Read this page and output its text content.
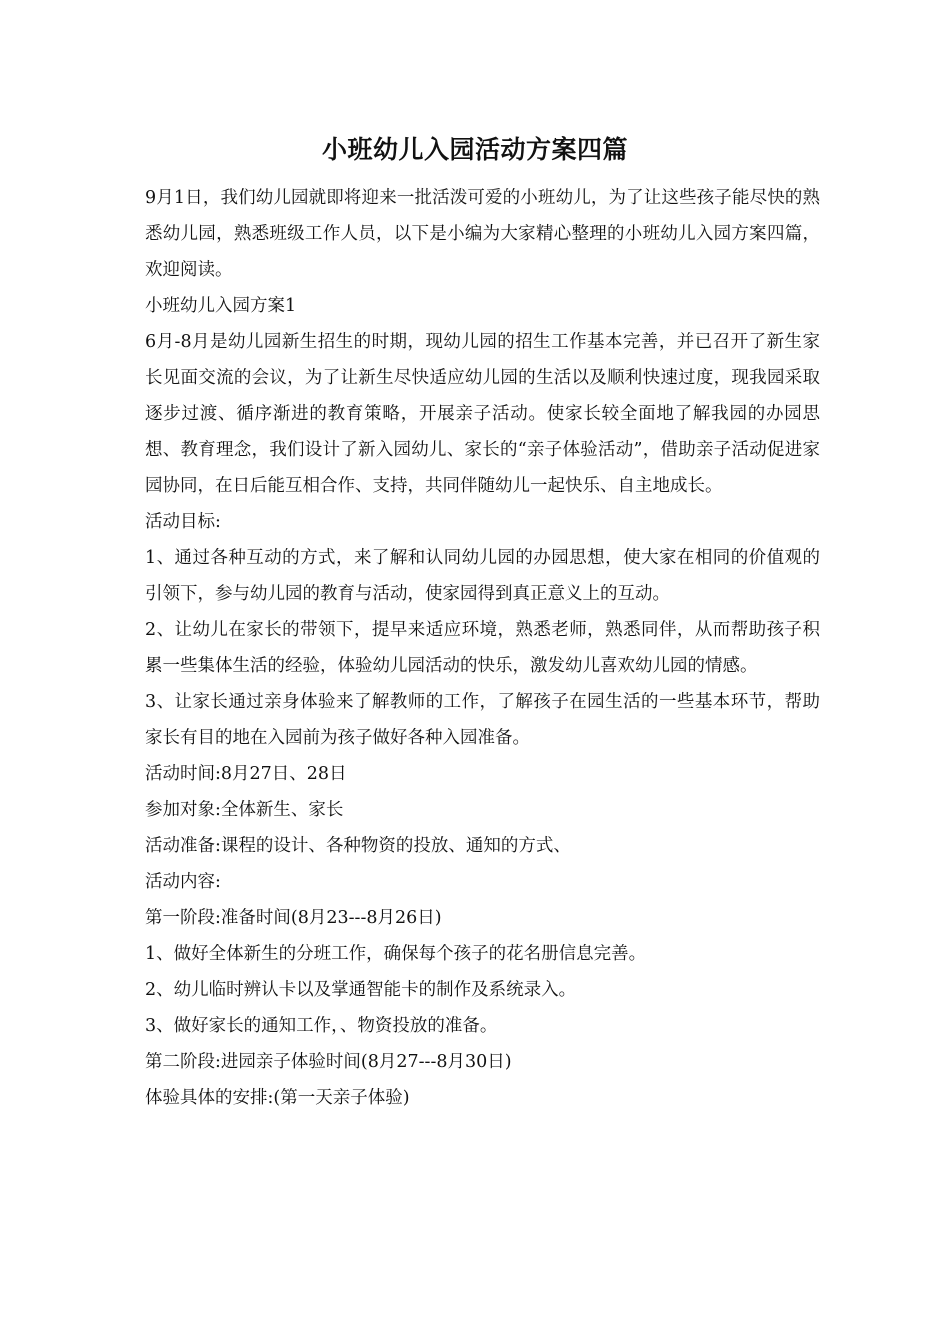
小班幼儿入园活动方案四篇

9月1日，我们幼儿园就即将迎来一批活泼可爱的小班幼儿，为了让这些孩子能尽快的熟悉幼儿园，熟悉班级工作人员，以下是小编为大家精心整理的小班幼儿入园方案四篇，欢迎阅读。

小班幼儿入园方案1

6月-8月是幼儿园新生招生的时期，现幼儿园的招生工作基本完善，并已召开了新生家长见面交流的会议，为了让新生尽快适应幼儿园的生活以及顺利快速过度，现我园采取逐步过渡、循序渐进的教育策略，开展亲子活动。使家长较全面地了解我园的办园思想、教育理念，我们设计了新入园幼儿、家长的“亲子体验活动”，借助亲子活动促进家园协同，在日后能互相合作、支持，共同伴随幼儿一起快乐、自主地成长。

活动目标:

1、通过各种互动的方式，来了解和认同幼儿园的办园思想，使大家在相同的价值观的引领下，参与幼儿园的教育与活动，使家园得到真正意义上的互动。

2、让幼儿在家长的带领下，提早来适应环境，熟悉老师，熟悉同伴，从而帮助孩子积累一些集体生活的经验，体验幼儿园活动的快乐，激发幼儿喜欢幼儿园的情感。

3、让家长通过亲身体验来了解教师的工作，了解孩子在园生活的一些基本环节，帮助家长有目的地在入园前为孩子做好各种入园准备。

活动时间:8月27日、28日

参加对象:全体新生、家长

活动准备:课程的设计、各种物资的投放、通知的方式、

活动内容:

第一阶段:准备时间(8月23---8月26日)

1、做好全体新生的分班工作，确保每个孩子的花名册信息完善。

2、幼儿临时辨认卡以及掌通智能卡的制作及系统录入。

3、做好家长的通知工作，、物资投放的准备。

第二阶段:进园亲子体验时间(8月27---8月30日)

体验具体的安排:(第一天亲子体验)
